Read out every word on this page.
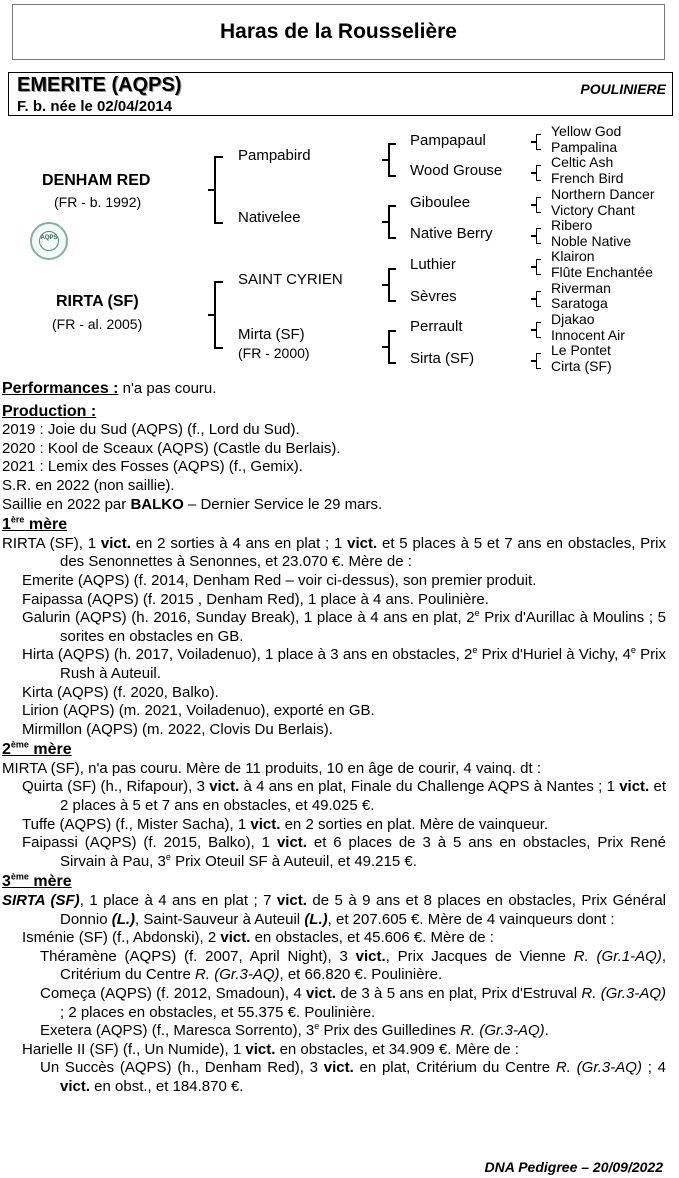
Haras de la Rousselière
EMERITE (AQPS)
F. b. née le 02/04/2014
POULINIERE
DENHAM RED
(FR - b. 1992)
RIRTA (SF)
(FR - al. 2005)
AQPS
Pampabird
Nativelee
SAINT CYRIEN
Mirta (SF)
(FR - 2000)
Pampapaul
Wood Grouse
Giboulee
Native Berry
Luthier
Sèvres
Perrault
Sirta (SF)
Yellow God
Pampalina
Celtic Ash
French Bird
Northern Dancer
Victory Chant
Ribero
Noble Native
Klairon
Flûte Enchantée
Riverman
Saratoga
Djakao
Innocent Air
Le Pontet
Cirta (SF)

Performances : n'a pas couru.

Production :

2019 : Joie du Sud (AQPS) (f., Lord du Sud).

2020 : Kool de Sceaux (AQPS) (Castle du Berlais).

2021 : Lemix des Fosses (AQPS) (f., Gemix).

S.R. en 2022 (non saillie).

Saillie en 2022 par BALKO – Dernier Service le 29 mars.

1ère mère

RIRTA (SF), 1 vict. en 2 sorties à 4 ans en plat ; 1 vict. et 5 places à 5 et 7 ans en obstacles, Prix des Senonnettes à Senonnes, et 23.070 €. Mère de :

Emerite (AQPS) (f. 2014, Denham Red – voir ci-dessus), son premier produit.

Faipassa (AQPS) (f. 2015 , Denham Red), 1 place à 4 ans. Poulinière.

Galurin (AQPS) (h. 2016, Sunday Break), 1 place à 4 ans en plat, 2e Prix d'Aurillac à Moulins ; 5 sorites en obstacles en GB.

Hirta (AQPS) (h. 2017, Voiladenuo), 1 place à 3 ans en obstacles, 2e Prix d'Huriel à Vichy, 4e Prix Rush à Auteuil.

Kirta (AQPS) (f. 2020, Balko).

Lirion (AQPS) (m. 2021, Voiladenuo), exporté en GB.

Mirmillon (AQPS) (m. 2022, Clovis Du Berlais).

2ème mère

MIRTA (SF), n'a pas couru. Mère de 11 produits, 10 en âge de courir, 4 vainq. dt :

Quirta (SF) (h., Rifapour), 3 vict. à 4 ans en plat, Finale du Challenge AQPS à Nantes ; 1 vict. et 2 places à 5 et 7 ans en obstacles, et 49.025 €.

Tuffe (AQPS) (f., Mister Sacha), 1 vict. en 2 sorties en plat. Mère de vainqueur.

Faipassi (AQPS) (f. 2015, Balko), 1 vict. et 6 places de 3 à 5 ans en obstacles, Prix René Sirvain à Pau, 3e Prix Oteuil SF à Auteuil, et 49.215 €.

3ème mère

SIRTA (SF), 1 place à 4 ans en plat ; 7 vict. de 5 à 9 ans et 8 places en obstacles, Prix Général Donnio (L.), Saint-Sauveur à Auteuil (L.), et 207.605 €. Mère de 4 vainqueurs dont :

Isménie (SF) (f., Abdonski), 2 vict. en obstacles, et 45.606 €. Mère de :

Théramène (AQPS) (f. 2007, April Night), 3 vict., Prix Jacques de Vienne R. (Gr.1-AQ), Critérium du Centre R. (Gr.3-AQ), et 66.820 €. Poulinière.

Começa (AQPS) (f. 2012, Smadoun), 4 vict. de 3 à 5 ans en plat, Prix d'Estruval R. (Gr.3-AQ) ; 2 places en obstacles, et 55.375 €. Poulinière.

Exetera (AQPS) (f., Maresca Sorrento), 3e Prix des Guilledines R. (Gr.3-AQ).

Harielle II (SF) (f., Un Numide), 1 vict. en obstacles, et 34.909 €. Mère de :

Un Succès (AQPS) (h., Denham Red), 3 vict. en plat, Critérium du Centre R. (Gr.3-AQ) ; 4 vict. en obst., et 184.870 €.

DNA Pedigree – 20/09/2022
